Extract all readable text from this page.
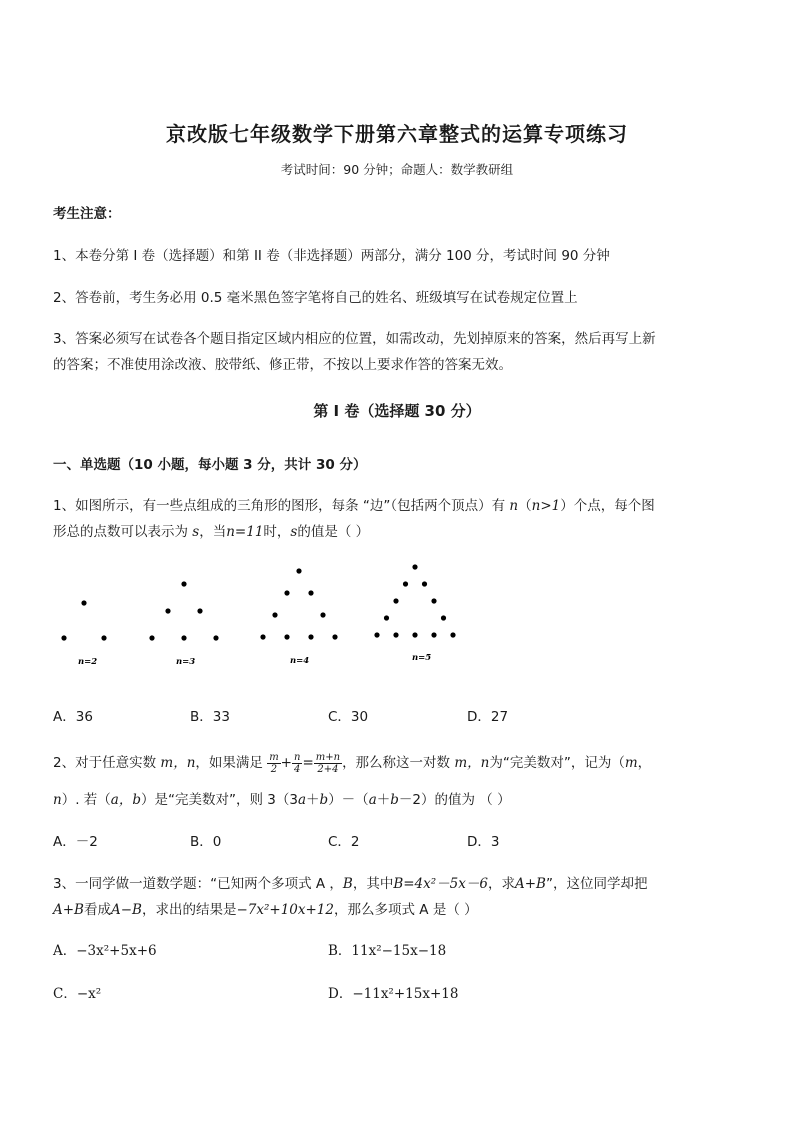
京改版七年级数学下册第六章整式的运算专项练习
考试时间：90 分钟；命题人：数学教研组
考生注意：
1、本卷分第 I 卷（选择题）和第 II 卷（非选择题）两部分，满分 100 分，考试时间 90 分钟
2、答卷前，考生务必用 0.5 毫米黑色签字笔将自己的姓名、班级填写在试卷规定位置上
3、答案必须写在试卷各个题目指定区域内相应的位置，如需改动，先划掉原来的答案，然后再写上新
的答案；不准使用涂改液、胶带纸、修正带，不按以上要求作答的答案无效。
第 I 卷（选择题 30 分）
一、单选题（10 小题，每小题 3 分，共计 30 分）
1、如图所示，有一些点组成的三角形的图形，每条 “边”（包括两个顶点）有 n（n>1）个点，每个图
形总的点数可以表示为 s，当n=11时，s的值是（ ）
n=2	n=3	n=4	n=5
A．36	B．33	C．30	D．27
2、对于任意实数 m，n，如果满足 $\frac{m}{2} + \frac{n}{4} = \frac{m+n}{2+4}$ ，那么称这一对数 m，n为“完美数对”，记为（m，
n）. 若（a，b）是“完美数对”，则 3（3a＋b）－（a＋b－2）的值为 （ ）
A．－2	B．0	C．2	D．3
3、一同学做一道数学题：“已知两个多项式 A ，B，其中B=4x²－5x－6，求A+B”，这位同学却把
A+B看成A−B，求出的结果是−7x²+10x+12，那么多项式 A 是（ ）
A．−3x²+5x+6	B．11x²−15x−18
C．−x²	D．−11x²+15x+18
